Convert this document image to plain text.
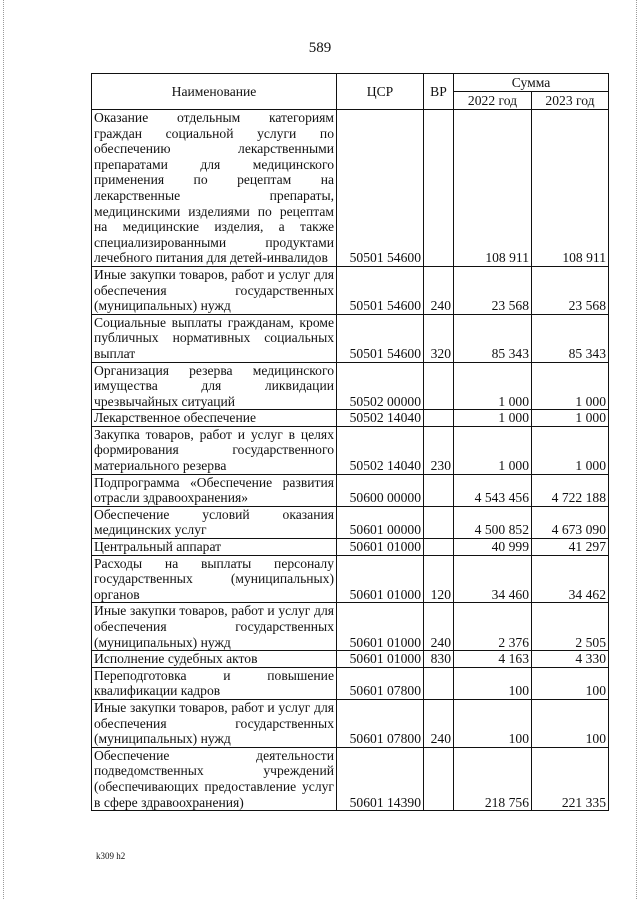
589
Наименование	ЦСР	ВР	Сумма	
			2022 год	2023 год
Оказание отдельным категориям граждан социальной услуги по обеспечению лекарственными препаратами для медицинского применения по рецептам на лекарственные препараты, медицинскими изделиями по рецептам на медицинские изделия, а также специализированными продуктами лечебного питания для детей-инвалидов	50501 54600		108 911	108 911
Иные закупки товаров, работ и услуг для обеспечения государственных (муниципальных) нужд	50501 54600	240	23 568	23 568
Социальные выплаты гражданам, кроме публичных нормативных социальных выплат	50501 54600	320	85 343	85 343
Организация резерва медицинского имущества для ликвидации чрезвычайных ситуаций	50502 00000		1 000	1 000
Лекарственное обеспечение	50502 14040		1 000	1 000
Закупка товаров, работ и услуг в целях формирования государственного материального резерва	50502 14040	230	1 000	1 000
Подпрограмма «Обеспечение развития отрасли здравоохранения»	50600 00000		4 543 456	4 722 188
Обеспечение условий оказания медицинских услуг	50601 00000		4 500 852	4 673 090
Центральный аппарат	50601 01000		40 999	41 297
Расходы на выплаты персоналу государственных (муниципальных) органов	50601 01000	120	34 460	34 462
Иные закупки товаров, работ и услуг для обеспечения государственных (муниципальных) нужд	50601 01000	240	2 376	2 505
Исполнение судебных актов	50601 01000	830	4 163	4 330
Переподготовка и повышение квалификации кадров	50601 07800		100	100
Иные закупки товаров, работ и услуг для обеспечения государственных (муниципальных) нужд	50601 07800	240	100	100
Обеспечение деятельности подведомственных учреждений (обеспечивающих предоставление услуг в сфере здравоохранения)	50601 14390		218 756	221 335
k309 h2
